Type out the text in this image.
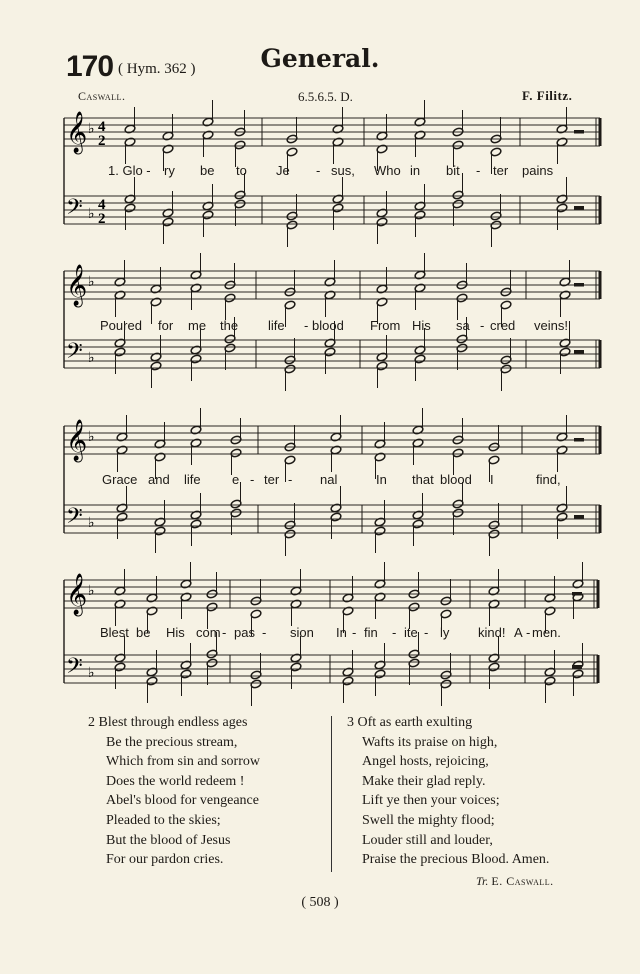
170 ( Hym. 362 )	General.
Caswall.	6.5.6.5. D.	F. Filitz.
𝄞
𝄢
♭
♭
4
2
4
2
𝄞
𝄢
♭
♭
𝄞
𝄢
♭
♭
𝄞
𝄢
♭
♭
1. Glo - ry be to Je - sus, Who in bit - ter pains
Poured for me the life - blood From His sa - cred veins!
Grace and life e - ter - nal	In that blood I	find,
Blest be His com - pas - sion In - fin - ite - ly kind! A - men.
2 Blest through endless ages
Be the precious stream,
Which from sin and sorrow
Does the world redeem !
Abel's blood for vengeance
Pleaded to the skies;
But the blood of Jesus
For our pardon cries.
3 Oft as earth exulting
Wafts its praise on high,
Angel hosts, rejoicing,
Make their glad reply.
Lift ye then your voices;
Swell the mighty flood;
Louder still and louder,
Praise the precious Blood. Amen.
Tr. E. Caswall.
( 508 )
